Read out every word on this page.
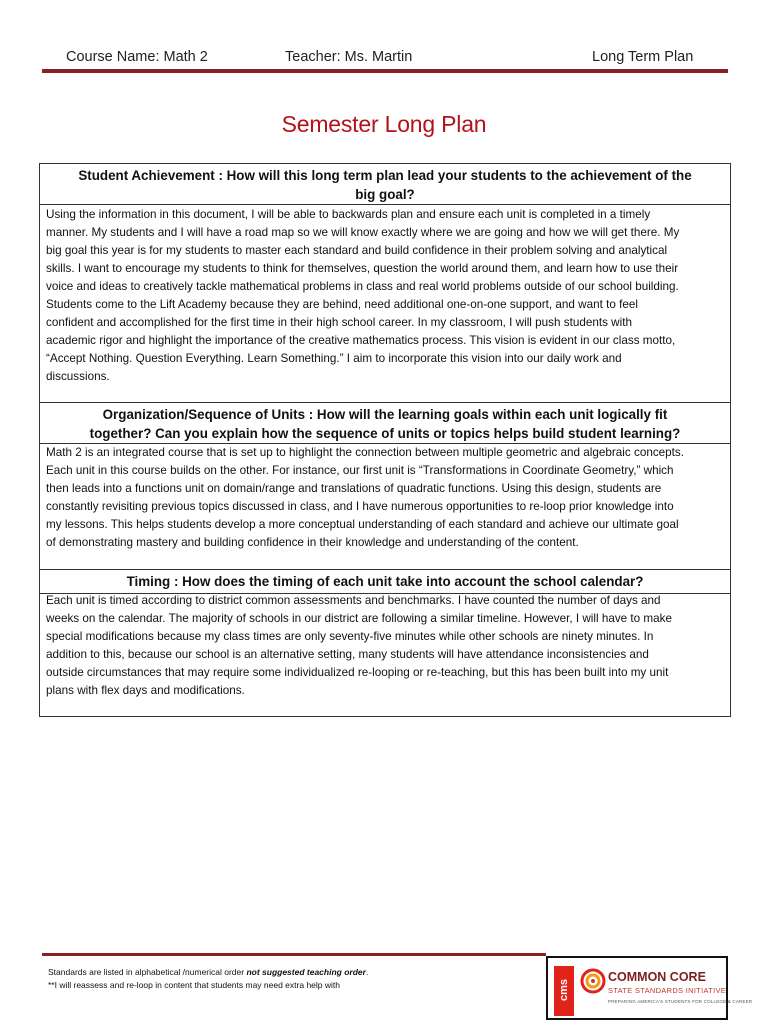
Course Name: Math 2	Teacher: Ms. Martin	Long Term Plan
Semester Long Plan
Student Achievement : How will this long term plan lead your students to the achievement of the
big goal?
Using the information in this document, I will be able to backwards plan and ensure each unit is completed in a timely
manner. My students and I will have a road map so we will know exactly where we are going and how we will get there. My
big goal this year is for my students to master each standard and build confidence in their problem solving and analytical
skills. I want to encourage my students to think for themselves, question the world around them, and learn how to use their
voice and ideas to creatively tackle mathematical problems in class and real world problems outside of our school building.
Students come to the Lift Academy because they are behind, need additional one-on-one support, and want to feel
confident and accomplished for the first time in their high school career. In my classroom, I will push students with
academic rigor and highlight the importance of the creative mathematics process. This vision is evident in our class motto,
“Accept Nothing. Question Everything. Learn Something.” I aim to incorporate this vision into our daily work and
discussions.
Organization/Sequence of Units : How will the learning goals within each unit logically fit
together? Can you explain how the sequence of units or topics helps build student learning?
Math 2 is an integrated course that is set up to highlight the connection between multiple geometric and algebraic concepts.
Each unit in this course builds on the other. For instance, our first unit is “Transformations in Coordinate Geometry,” which
then leads into a functions unit on domain/range and translations of quadratic functions. Using this design, students are
constantly revisiting previous topics discussed in class, and I have numerous opportunities to re-loop prior knowledge into
my lessons. This helps students develop a more conceptual understanding of each standard and achieve our ultimate goal
of demonstrating mastery and building confidence in their knowledge and understanding of the content.
Timing : How does the timing of each unit take into account the school calendar?
Each unit is timed according to district common assessments and benchmarks. I have counted the number of days and
weeks on the calendar. The majority of schools in our district are following a similar timeline. However, I will have to make
special modifications because my class times are only seventy-five minutes while other schools are ninety minutes. In
addition to this, because our school is an alternative setting, many students will have attendance inconsistencies and
outside circumstances that may require some individualized re-looping or re-teaching, but this has been built into my unit
plans with flex days and modifications.
Standards are listed in alphabetical /numerical order not suggested teaching order.
**I will reassess and re-loop in content that students may need extra help with	cms
COMMON CORE
STATE STANDARDS INITIATIVE
PREPARING AMERICA'S STUDENTS FOR COLLEGE & CAREER
